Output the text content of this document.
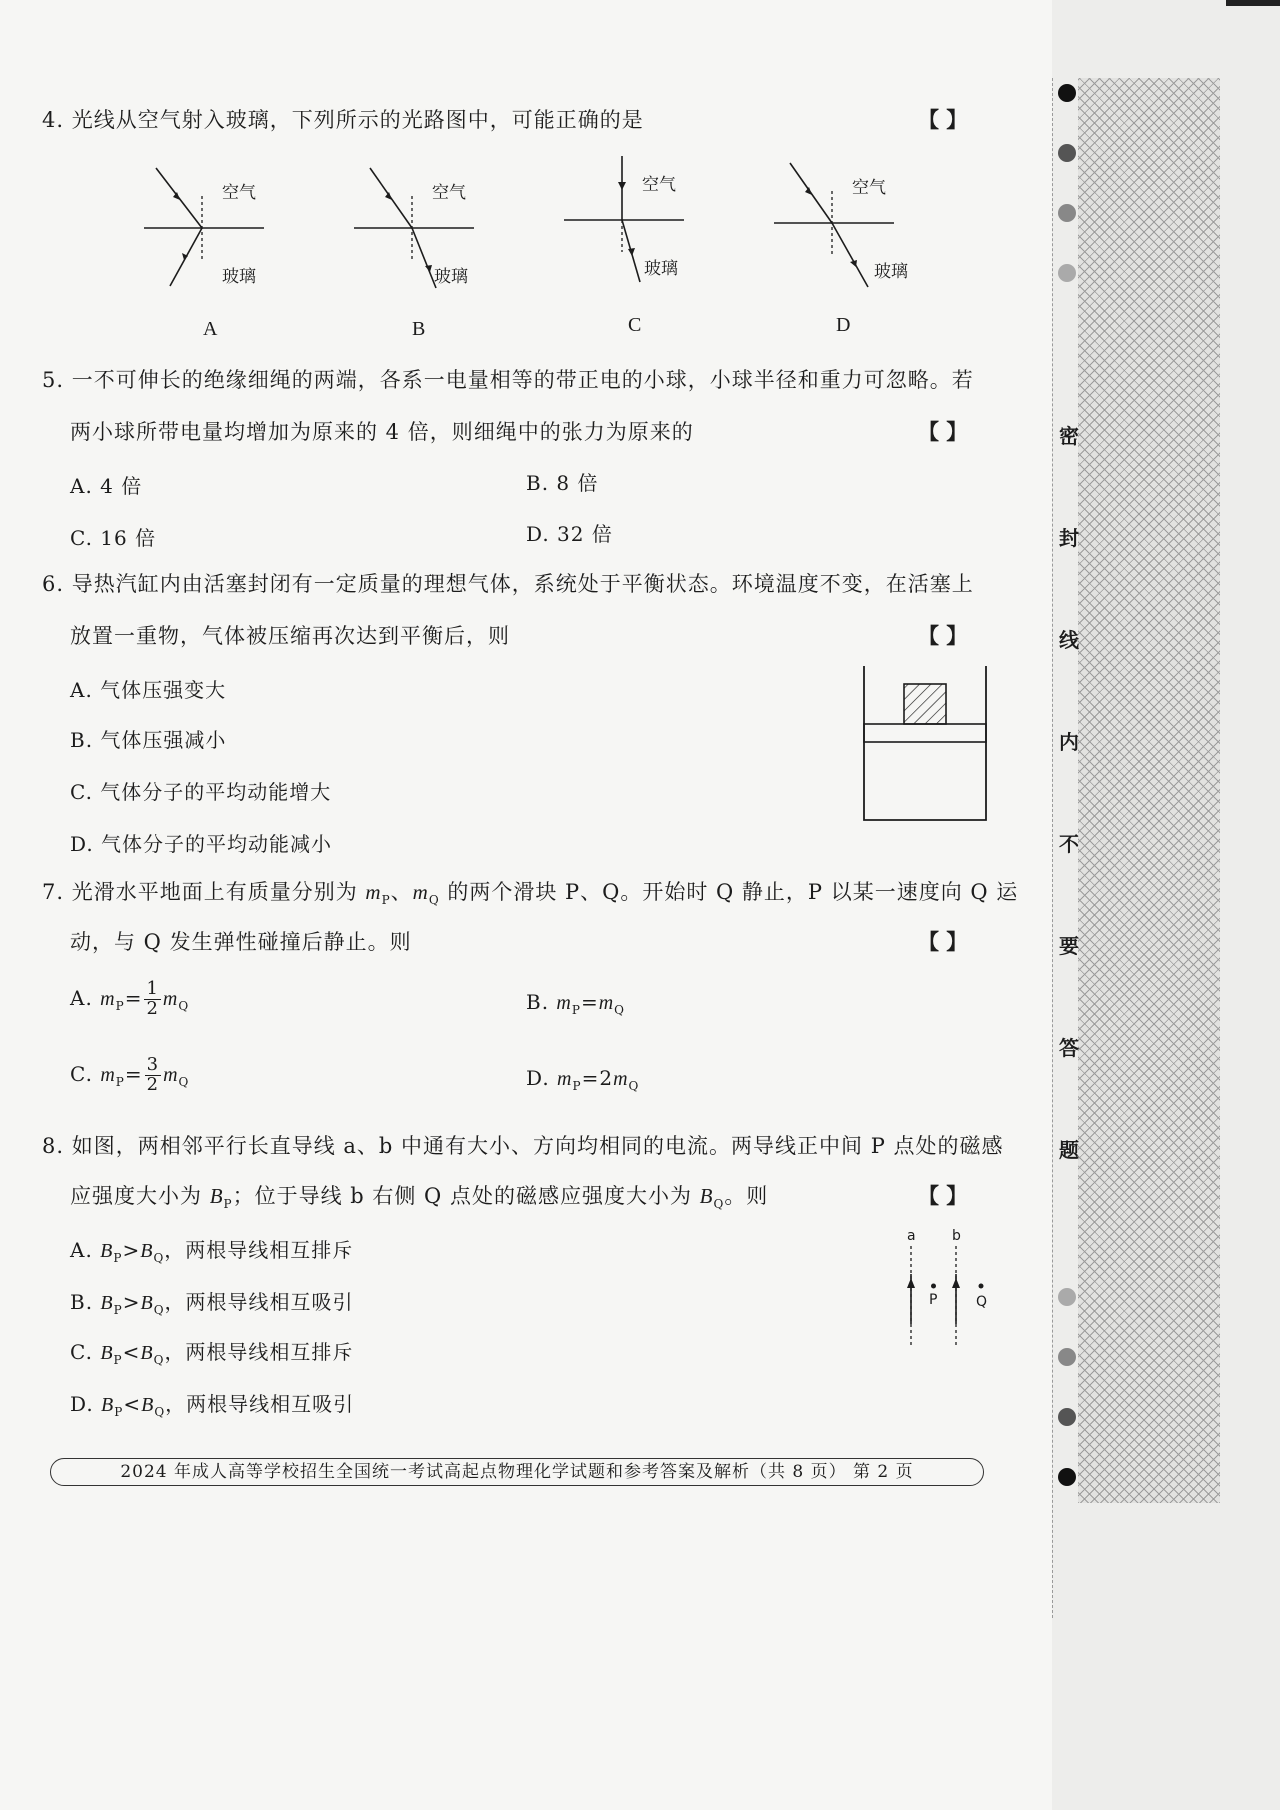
4. 光线从空气射入玻璃，下列所示的光路图中，可能正确的是	【 】
空气
玻璃
A
空气
玻璃
B
空气
玻璃
C
空气
玻璃
D
5. 一不可伸长的绝缘细绳的两端，各系一电量相等的带正电的小球，小球半径和重力可忽略。若
两小球所带电量均增加为原来的 4 倍，则细绳中的张力为原来的	【 】
A. 4 倍	B. 8 倍
C. 16 倍	D. 32 倍
6. 导热汽缸内由活塞封闭有一定质量的理想气体，系统处于平衡状态。环境温度不变，在活塞上
放置一重物，气体被压缩再次达到平衡后，则	【 】
A. 气体压强变大
B. 气体压强减小
C. 气体分子的平均动能增大
D. 气体分子的平均动能减小
7. 光滑水平地面上有质量分别为 $m_P$、$m_Q$ 的两个滑块 P、Q。开始时 Q 静止，P 以某一速度向 Q 运
动，与 Q 发生弹性碰撞后静止。则	【 】
A. $m_P= \frac{1}{2} m_Q$	B. $m_P=m_Q$
C. $m_P= \frac{3}{2} m_Q$	D. $m_P=2m_Q$
8. 如图，两相邻平行长直导线 a、b 中通有大小、方向均相同的电流。两导线正中间 P 点处的磁感
应强度大小为 $B_P$；位于导线 b 右侧 Q 点处的磁感应强度大小为 $B_Q$。则	【 】
A. $B_P>B_Q$，两根导线相互排斥
B. $B_P>B_Q$，两根导线相互吸引
C. $B_P<B_Q$，两根导线相互排斥
D. $B_P<B_Q$，两根导线相互吸引
a	b
P	Q
2024 年成人高等学校招生全国统一考试高起点物理化学试题和参考答案及解析（共 8 页） 第 2 页
密
封
线
内
不
要
答
题
